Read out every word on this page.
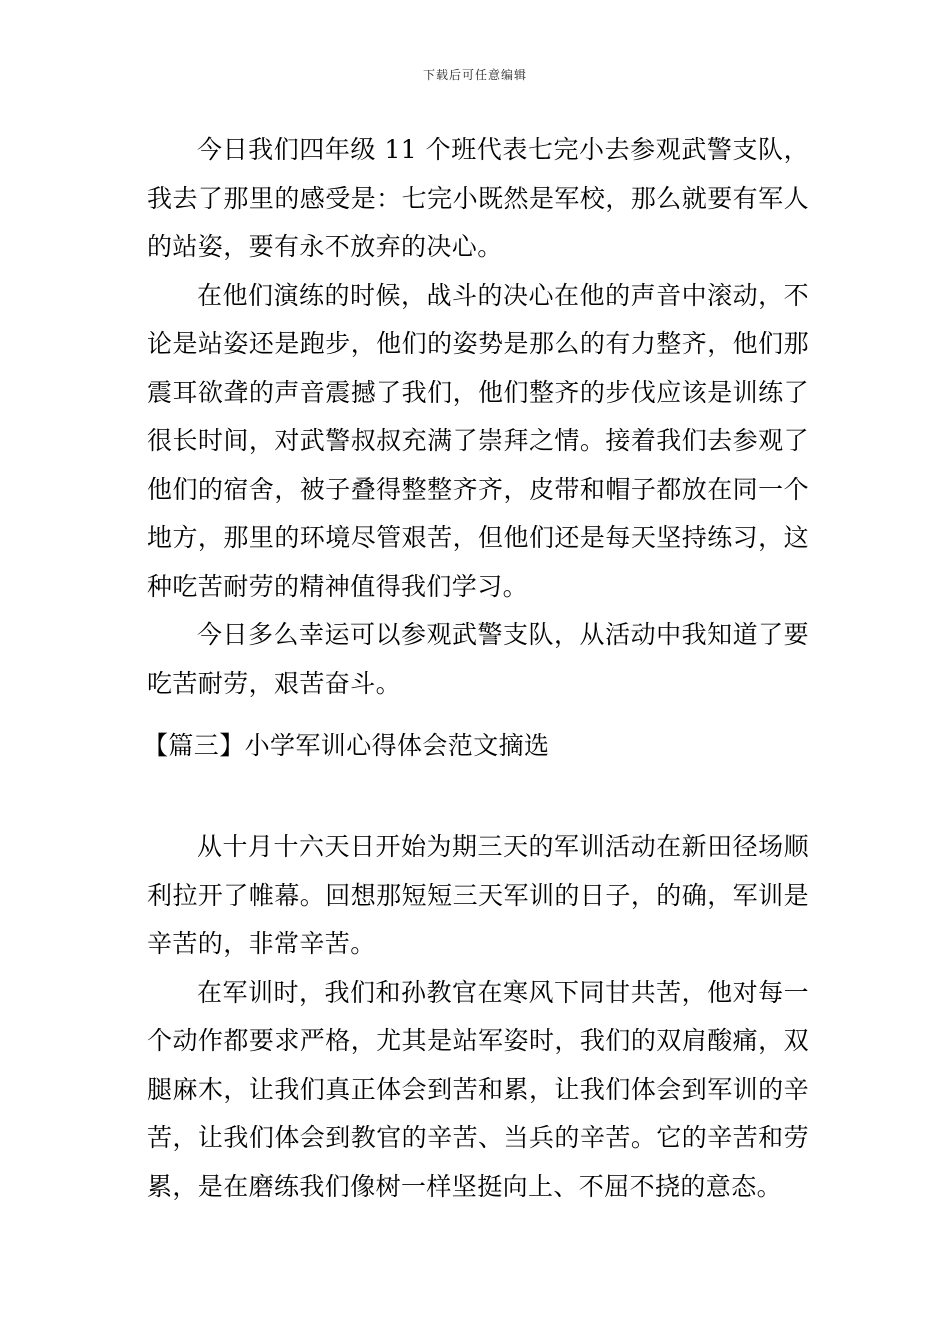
下载后可任意编辑

今日我们四年级 11 个班代表七完小去参观武警支队，我去了那里的感受是：七完小既然是军校，那么就要有军人的站姿，要有永不放弃的决心。

在他们演练的时候，战斗的决心在他的声音中滚动，不论是站姿还是跑步，他们的姿势是那么的有力整齐，他们那震耳欲聋的声音震撼了我们，他们整齐的步伐应该是训练了很长时间，对武警叔叔充满了崇拜之情。接着我们去参观了他们的宿舍，被子叠得整整齐齐，皮带和帽子都放在同一个地方，那里的环境尽管艰苦，但他们还是每天坚持练习，这种吃苦耐劳的精神值得我们学习。

今日多么幸运可以参观武警支队，从活动中我知道了要吃苦耐劳，艰苦奋斗。

【篇三】小学军训心得体会范文摘选

从十月十六天日开始为期三天的军训活动在新田径场顺利拉开了帷幕。回想那短短三天军训的日子，的确，军训是辛苦的，非常辛苦。

在军训时，我们和孙教官在寒风下同甘共苦，他对每一个动作都要求严格，尤其是站军姿时，我们的双肩酸痛，双腿麻木，让我们真正体会到苦和累，让我们体会到军训的辛苦，让我们体会到教官的辛苦、当兵的辛苦。它的辛苦和劳累，是在磨练我们像树一样坚挺向上、不屈不挠的意态。
